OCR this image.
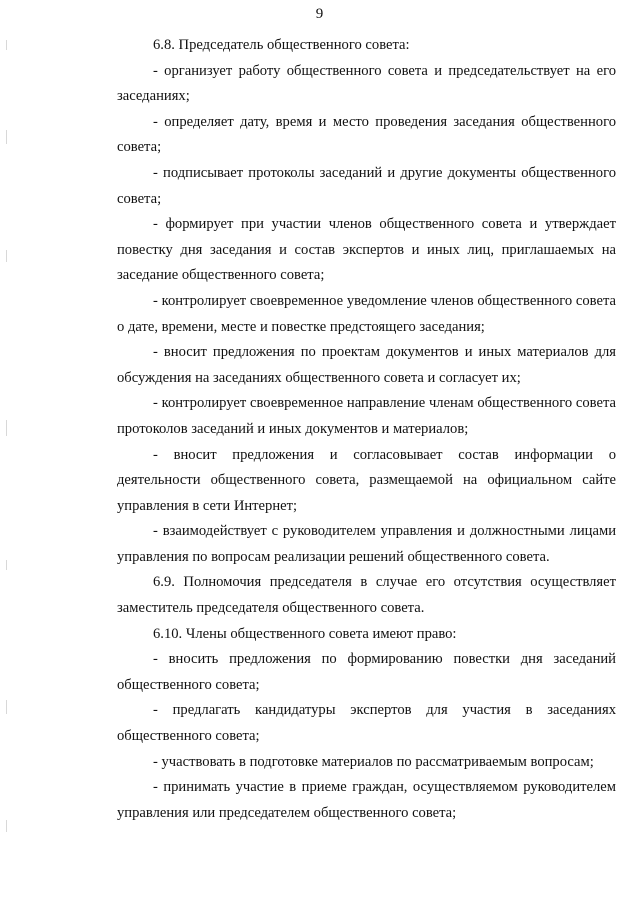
9

6.8. Председатель общественного совета:

- организует работу общественного совета и председательствует на его заседаниях;

- определяет дату, время и место проведения заседания общественного совета;

- подписывает протоколы заседаний и другие документы общественного совета;

- формирует при участии членов общественного совета и утверждает повестку дня заседания и состав экспертов и иных лиц, приглашаемых на заседание общественного совета;

- контролирует своевременное уведомление членов общественного совета о дате, времени, месте и повестке предстоящего заседания;

- вносит предложения по проектам документов и иных материалов для обсуждения на заседаниях общественного совета и согласует их;

- контролирует своевременное направление членам общественного совета протоколов заседаний и иных документов и материалов;

- вносит предложения и согласовывает состав информации о деятельности общественного совета, размещаемой на официальном сайте управления в сети Интернет;

- взаимодействует с руководителем управления и должностными лицами управления по вопросам реализации решений общественного совета.

6.9. Полномочия председателя в случае его отсутствия осуществляет заместитель председателя общественного совета.

6.10. Члены общественного совета имеют право:

- вносить предложения по формированию повестки дня заседаний общественного совета;

- предлагать кандидатуры экспертов для участия в заседаниях общественного совета;

- участвовать в подготовке материалов по рассматриваемым вопросам;

- принимать участие в приеме граждан, осуществляемом руководителем управления или председателем общественного совета;
